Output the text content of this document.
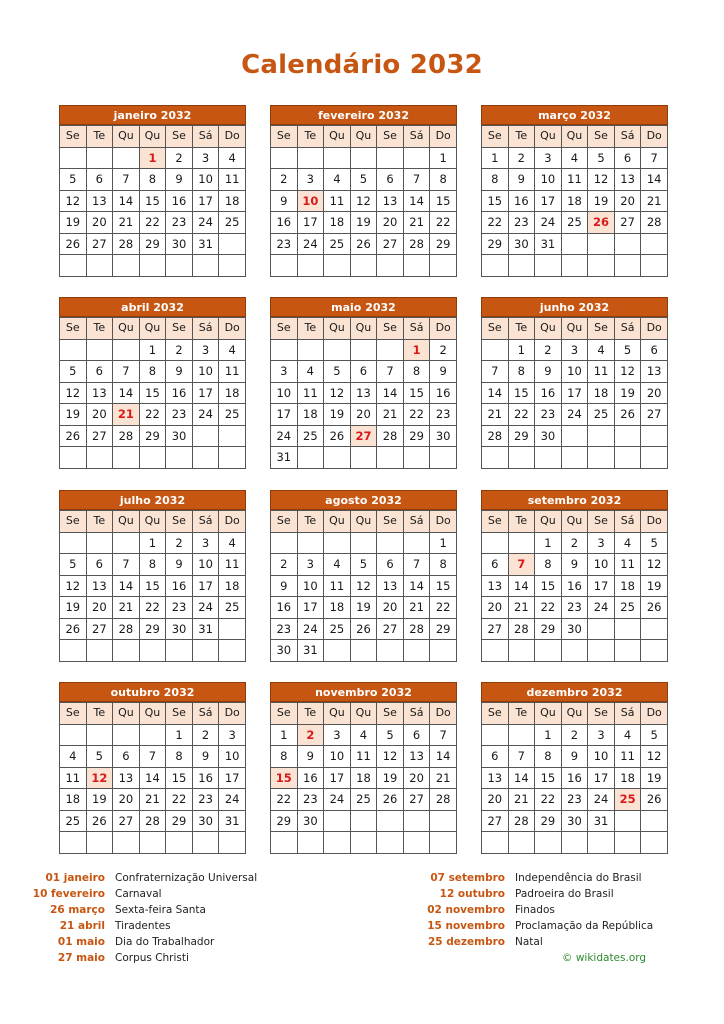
Calendário 2032
janeiro 2032
Se	Te	Qu	Qu	Se	Sá	Do
			1	2	3	4
5	6	7	8	9	10	11
12	13	14	15	16	17	18
19	20	21	22	23	24	25
26	27	28	29	30	31	

fevereiro 2032
Se	Te	Qu	Qu	Se	Sá	Do
						1
2	3	4	5	6	7	8
9	10	11	12	13	14	15
16	17	18	19	20	21	22
23	24	25	26	27	28	29

março 2032
Se	Te	Qu	Qu	Se	Sá	Do
1	2	3	4	5	6	7
8	9	10	11	12	13	14
15	16	17	18	19	20	21
22	23	24	25	26	27	28
29	30	31				

abril 2032
Se	Te	Qu	Qu	Se	Sá	Do
			1	2	3	4
5	6	7	8	9	10	11
12	13	14	15	16	17	18
19	20	21	22	23	24	25
26	27	28	29	30		

maio 2032
Se	Te	Qu	Qu	Se	Sá	Do
					1	2
3	4	5	6	7	8	9
10	11	12	13	14	15	16
17	18	19	20	21	22	23
24	25	26	27	28	29	30
31						
junho 2032
Se	Te	Qu	Qu	Se	Sá	Do
	1	2	3	4	5	6
7	8	9	10	11	12	13
14	15	16	17	18	19	20
21	22	23	24	25	26	27
28	29	30				

julho 2032
Se	Te	Qu	Qu	Se	Sá	Do
			1	2	3	4
5	6	7	8	9	10	11
12	13	14	15	16	17	18
19	20	21	22	23	24	25
26	27	28	29	30	31	

agosto 2032
Se	Te	Qu	Qu	Se	Sá	Do
						1
2	3	4	5	6	7	8
9	10	11	12	13	14	15
16	17	18	19	20	21	22
23	24	25	26	27	28	29
30	31					
setembro 2032
Se	Te	Qu	Qu	Se	Sá	Do
		1	2	3	4	5
6	7	8	9	10	11	12
13	14	15	16	17	18	19
20	21	22	23	24	25	26
27	28	29	30			

outubro 2032
Se	Te	Qu	Qu	Se	Sá	Do
				1	2	3
4	5	6	7	8	9	10
11	12	13	14	15	16	17
18	19	20	21	22	23	24
25	26	27	28	29	30	31

novembro 2032
Se	Te	Qu	Qu	Se	Sá	Do
1	2	3	4	5	6	7
8	9	10	11	12	13	14
15	16	17	18	19	20	21
22	23	24	25	26	27	28
29	30					

dezembro 2032
Se	Te	Qu	Qu	Se	Sá	Do
		1	2	3	4	5
6	7	8	9	10	11	12
13	14	15	16	17	18	19
20	21	22	23	24	25	26
27	28	29	30	31		

01 janeiro Confraternização Universal
10 fevereiro Carnaval
26 março Sexta-feira Santa
21 abril Tiradentes
01 maio Dia do Trabalhador
27 maio Corpus Christi
07 setembro Independência do Brasil
12 outubro Padroeira do Brasil
02 novembro Finados
15 novembro Proclamação da República
25 dezembro Natal
© wikidates.org
